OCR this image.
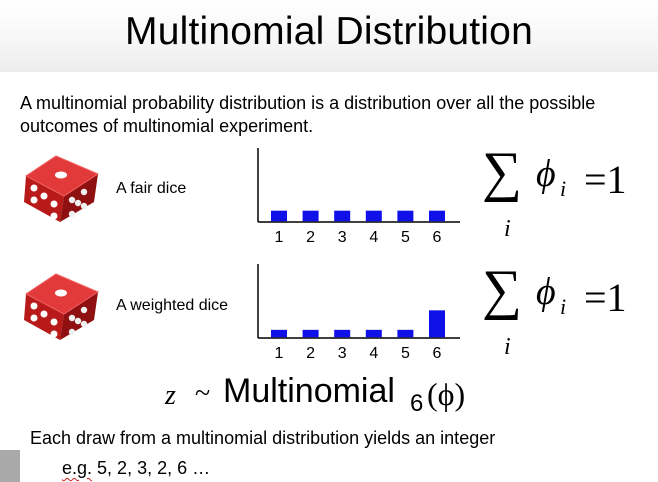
Multinomial Distribution
A multinomial probability distribution is a distribution over all the possible outcomes of multinomial experiment.
A fair dice
1 2 3 4 5 6
∑
i
ϕ i =1
A weighted dice
1 2 3 4 5 6
∑
i
ϕ i =1
z ~ Multinomial 6 (ϕ)
Each draw from a multinomial distribution yields an integer
e.g. 5, 2, 3, 2, 6 …
